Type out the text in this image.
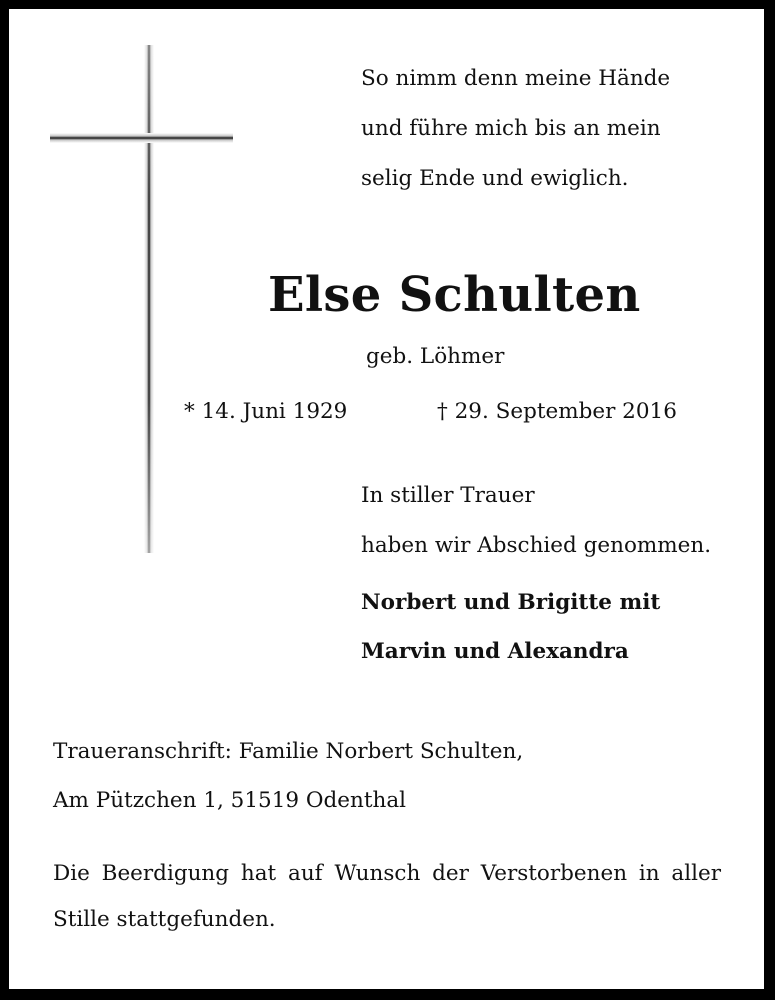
So nimm denn meine Hände
und führe mich bis an mein
selig Ende und ewiglich.
Else Schulten
geb. Löhmer
* 14. Juni 1929	† 29. September 2016
In stiller Trauer
haben wir Abschied genommen.
Norbert und Brigitte mit
Marvin und Alexandra
Traueranschrift: Familie Norbert Schulten,
Am Pützchen 1, 51519 Odenthal
Die Beerdigung hat auf Wunsch der Verstorbenen in aller Stille stattgefunden.
